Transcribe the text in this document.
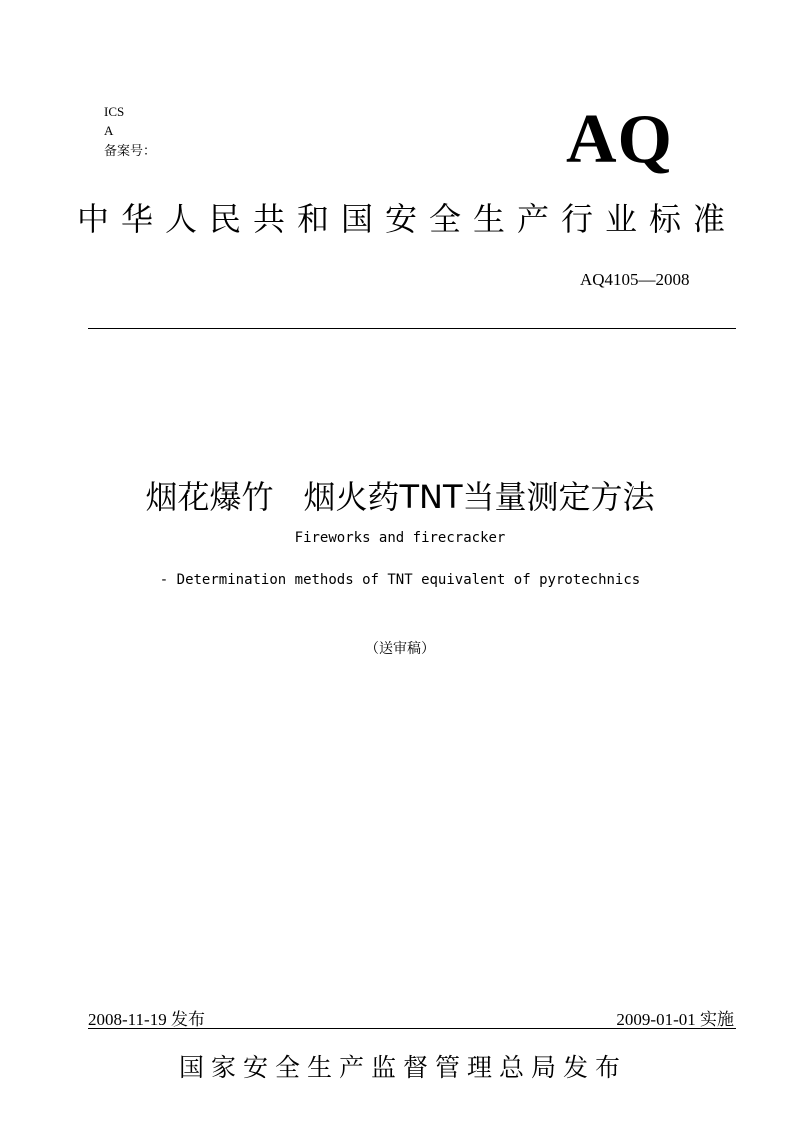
ICS
A
备案号：	AQ
中华人民共和国安全生产行业标准
AQ4105—2008
烟花爆竹 烟火药TNT当量测定方法
Fireworks and firecracker
- Determination methods of TNT equivalent of pyrotechnics
（送审稿）
2008-11-19 发布	2009-01-01 实施
国家安全生产监督管理总局发布
